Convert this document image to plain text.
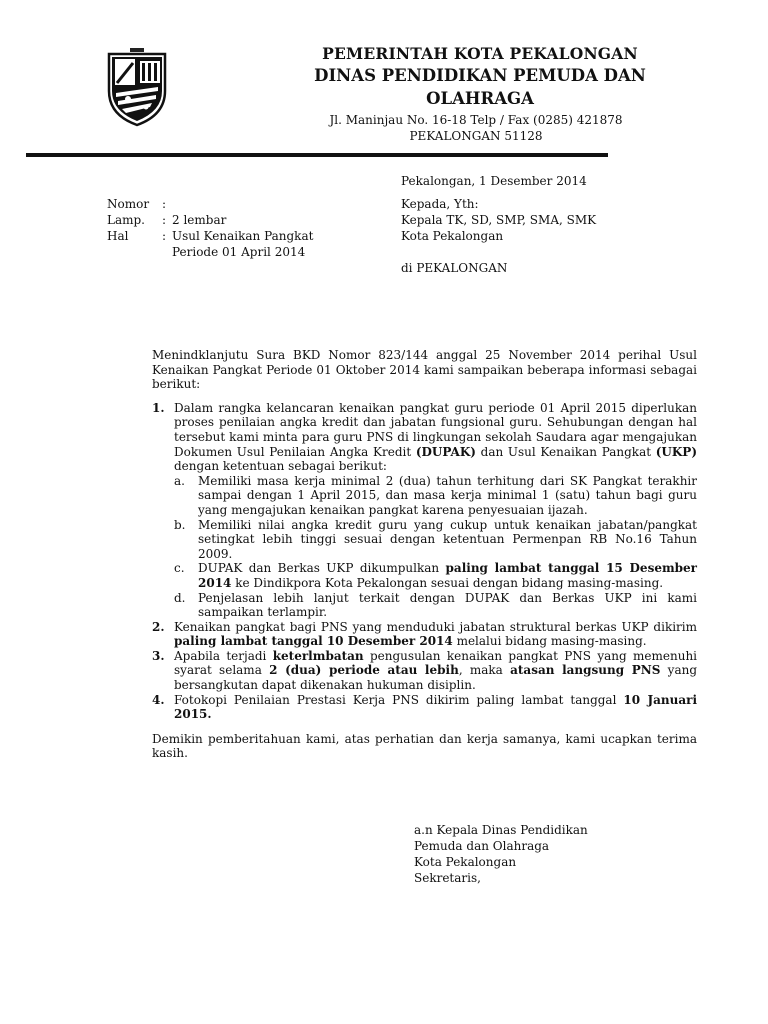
PEMERINTAH KOTA PEKALONGAN
DINAS PENDIDIKAN PEMUDA DAN
OLAHRAGA
Jl. Maninjau No. 16-18 Telp / Fax (0285) 421878
PEKALONGAN 51128
Pekalongan, 1 Desember 2014
Nomor	:
Lamp.	: 2 lembar
Hal	: Usul Kenaikan Pangkat
Periode 01 April 2014
Kepada, Yth:
Kepala TK, SD, SMP, SMA, SMK
Kota Pekalongan
di PEKALONGAN
Menindklanjutu Sura BKD Nomor 823/144 anggal 25 November 2014 perihal Usul Kenaikan Pangkat Periode 01 Oktober 2014 kami sampaikan beberapa informasi sebagai berikut:
1. Dalam rangka kelancaran kenaikan pangkat guru periode 01 April 2015 diperlukan proses penilaian angka kredit dan jabatan fungsional guru. Sehubungan dengan hal tersebut kami minta para guru PNS di lingkungan sekolah Saudara agar mengajukan Dokumen Usul Penilaian Angka Kredit (DUPAK) dan Usul Kenaikan Pangkat (UKP) dengan ketentuan sebagai berikut:
a.	Memiliki masa kerja minimal 2 (dua) tahun terhitung dari SK Pangkat terakhir sampai dengan 1 April 2015, dan masa kerja minimal 1 (satu) tahun bagi guru yang mengajukan kenaikan pangkat karena penyesuaian ijazah.
b.	Memiliki nilai angka kredit guru yang cukup untuk kenaikan jabatan/pangkat setingkat lebih tinggi sesuai dengan ketentuan Permenpan RB No.16 Tahun 2009.
c.	DUPAK dan Berkas UKP dikumpulkan paling lambat tanggal 15 Desember 2014 ke Dindikpora Kota Pekalongan sesuai dengan bidang masing-masing.
d.	Penjelasan lebih lanjut terkait dengan DUPAK dan Berkas UKP ini kami sampaikan terlampir.
2. Kenaikan pangkat bagi PNS yang menduduki jabatan struktural berkas UKP dikirim paling lambat tanggal 10 Desember 2014 melalui bidang masing-masing.
3. Apabila terjadi keterlmbatan pengusulan kenaikan pangkat PNS yang memenuhi syarat selama 2 (dua) periode atau lebih, maka atasan langsung PNS yang bersangkutan dapat dikenakan hukuman disiplin.
4. Fotokopi Penilaian Prestasi Kerja PNS dikirim paling lambat tanggal 10 Januari 2015.
Demikin pemberitahuan kami, atas perhatian dan kerja samanya, kami ucapkan terima kasih.
a.n Kepala Dinas Pendidikan
Pemuda dan Olahraga
Kota Pekalongan
Sekretaris,
